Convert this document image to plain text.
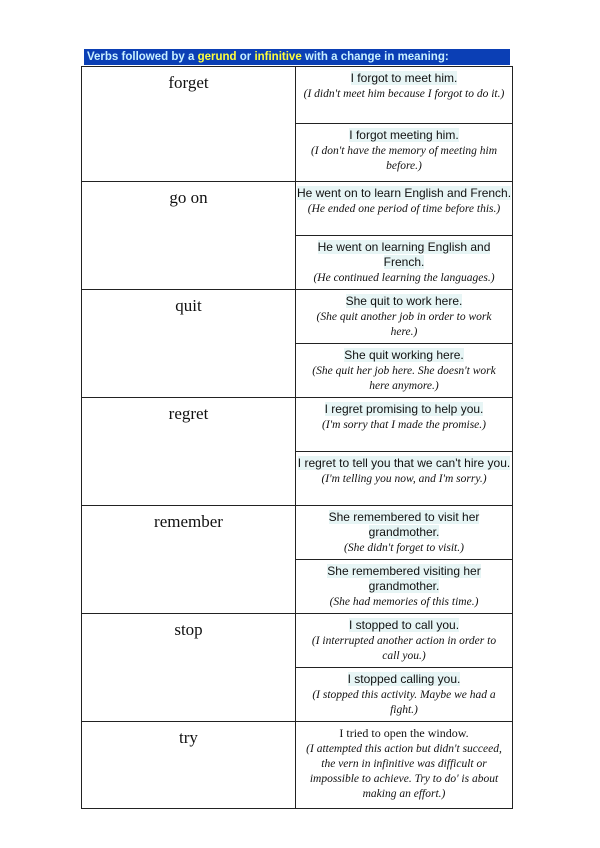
Verbs followed by a gerund or infinitive with a change in meaning:
forget	I forgot to meet him.
(I didn't meet him because I forgot to do it.)

	I forgot meeting him.
(I don't have the memory of meeting him before.)

go on	He went on to learn English and French.
(He ended one period of time before this.)

	He went on learning English and French.
(He continued learning the languages.)

quit	She quit to work here.
(She quit another job in order to work here.)

	She quit working here.
(She quit her job here. She doesn't work here anymore.)

regret	I regret promising to help you.
(I'm sorry that I made the promise.)

	I regret to tell you that we can't hire you.
(I'm telling you now, and I'm sorry.)

remember	She remembered to visit her grandmother.
(She didn't forget to visit.)

	She remembered visiting her grandmother.
(She had memories of this time.)

stop	I stopped to call you.
(I interrupted another action in order to call you.)

	I stopped calling you.
(I stopped this activity. Maybe we had a fight.)

try	I tried to open the window.
(I attempted this action but didn't succeed, the vern in infinitive was difficult or impossible to achieve. Try to do' is about making an effort.)
